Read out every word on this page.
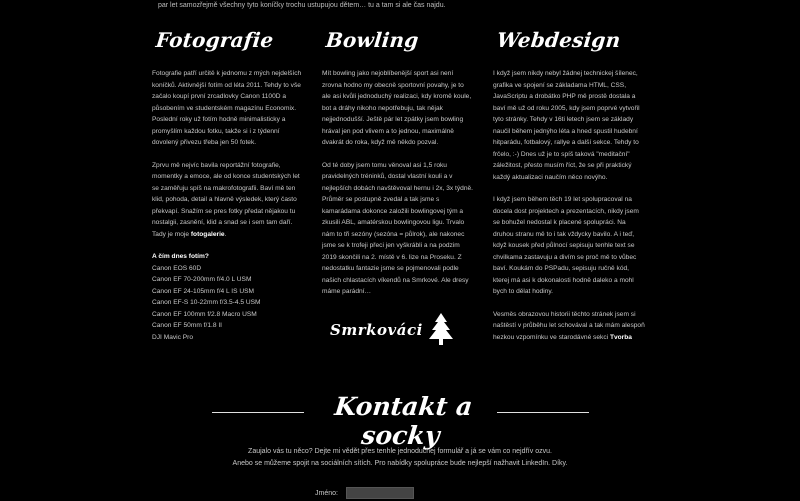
par let samozřejmě všechny tyto koníčky trochu ustupujou dětem… tu a tam si ale čas najdu.
Fotografie

Fotografie patří určitě k jednomu z mých nejdelších koníčků. Aktivnější fotím od léta 2011. Tehdy to vše začalo koupí první zrcadlovky Canon 1100D a působením ve studentském magazínu Economix. Poslední roky už fotím hodně minimalisticky a promyšlím každou fotku, takže si i z týdenní dovolený přivezu třeba jen 50 fotek.

Zprvu mě nejvíc bavila reportážní fotografie, momentky a emoce, ale od konce studentských let se zaměřuju spíš na makrofotografii. Baví mě ten klid, pohoda, detail a hlavně výsledek, který často překvapí. Snažím se pres fotky předat nějakou tu nostalgii, zasnění, klid a snad se i sem tam daří. Tady je moje fotogalerie.

A čím dnes fotím?
Canon EOS 60D
Canon EF 70-200mm f/4.0 L USM
Canon EF 24-105mm f/4 L IS USM
Canon EF-S 10-22mm f/3.5-4.5 USM
Canon EF 100mm f/2.8 Macro USM
Canon EF 50mm f/1.8 II
DJI Mavic Pro
Bowling

Mít bowling jako nejoblíbenější sport asi není zrovna hodno my obecně sportovní povahy, je to ale asi kvůli jednoduchý realizaci, kdy kromě koule, bot a dráhy nikoho nepotřebuju, tak nějak nejjednodušší. Ještě pár let zpátky jsem bowling hrával jen pod vlivem a to jednou, maximálně dvakrát do roka, když mě někdo pozval.

Od té doby jsem tomu věnoval asi 1,5 roku pravidelných tréninků, dostal vlastní kouli a v nejlepších dobách navštěvoval hernu i 2x, 3x týdně. Průměr se postupně zvedal a tak jsme s kamarádama dokonce založili bowlingovej tým a zkusili ABL, amatérskou bowlingovou ligu. Trvalo nám to tři sezóny (sezóna = půlrok), ale nakonec jsme se k trofeji přeci jen vyškrábli a na podzim 2019 skončili na 2. místě v 6. lize na Proseku. Z nedostatku fantazie jsme se pojmenovali podle našich chlastacích víkendů na Smrkové. Ale dresy máme parádní…

Smrkováci
Webdesign

I když jsem nikdy nebyl žádnej technickej šílenec, grafika ve spojení se základama HTML, CSS, JavaScriptu a drobátko PHP mě prostě dostala a baví mě už od roku 2005, kdy jsem poprvé vytvořil tyto stránky. Tehdy v 16ti letech jsem se základy naučil během jednýho léta a hned spustil hudební hitparádu, fotbalový, rallye a další sekce. Tehdy to frčelo, :-) Dnes už je to spíš taková "meditační" záležitost, přesto musím říct, že se při praktický každý aktualizaci naučím něco novýho.

I když jsem během těch 19 let spolupracoval na docela dost projektech a prezentacích, nikdy jsem se bohužel nedostal k placené spolupráci. Na druhou stranu mě to i tak vždycky bavilo. A i teď, když kousek před půlnocí sepisuju tenhle text se chvilkama zastavuju a divím se proč mě to vůbec baví. Koukám do PSPadu, sepisuju ručně kód, kterej má asi k dokonalosti hodně daleko a mohl bych to dělat hodiny.

Vesměs obrazovou historii těchto stránek jsem si naštěstí v průběhu let schovával a tak mám alespoň hezkou vzpomínku ve starodávné sekci Tvorba

Kontakt a socky
Zaujalo vás tu něco? Dejte mi vědět přes tenhle jednoduchej formulář a já se vám co nejdřív ozvu.
Anebo se můžeme spojit na sociálních sítích. Pro nabídky spolupráce bude nejlepší nažhavit LinkedIn. Díky.
Jméno:
